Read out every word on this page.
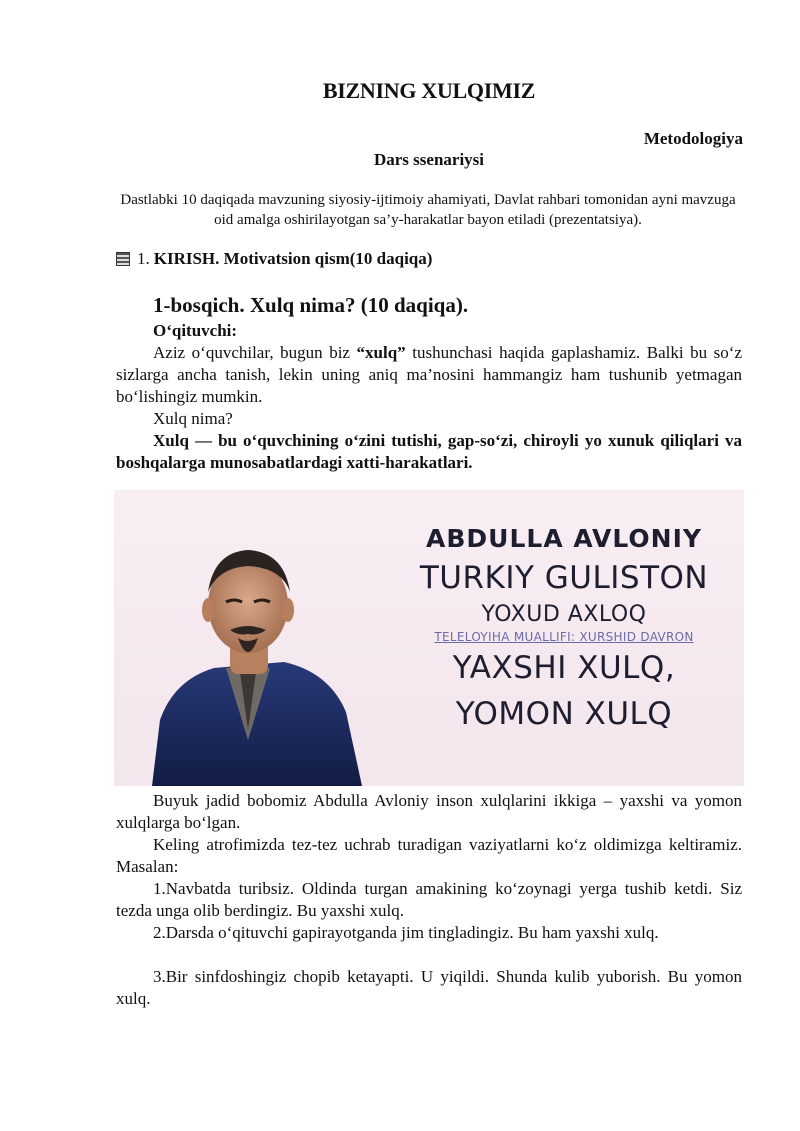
BIZNING XULQIMIZ
Metodologiya
Dars ssenariysi
Dastlabki 10 daqiqada mavzuning siyosiy-ijtimoiy ahamiyati, Davlat rahbari tomonidan ayni mavzuga oid amalga oshirilayotgan sa’y-harakatlar bayon etiladi (prezentatsiya).
1. KIRISH. Motivatsion qism(10 daqiqa)
1-bosqich. Xulq nima? (10 daqiqa).

O‘qituvchi:

Aziz o‘quvchilar, bugun biz “xulq” tushunchasi haqida gaplashamiz. Balki bu so‘z sizlarga ancha tanish, lekin uning aniq ma’nosini hammangiz ham tushunib yetmagan bo‘lishingiz mumkin.

Xulq nima?

Xulq — bu o‘quvchining o‘zini tutishi, gap-so‘zi, chiroyli yo xunuk qiliqlari va boshqalarga munosabatlardagi xatti-harakatlari.

ABDULLA AVLONIY
TURKIY GULISTON
YOXUD AXLOQ
TELELOYIHA MUALLIFI: XURSHID DAVRON
YAXSHI XULQ,
YOMON XULQ

Buyuk jadid bobomiz Abdulla Avloniy inson xulqlarini ikkiga – yaxshi va yomon xulqlarga bo‘lgan.

Keling atrofimizda tez-tez uchrab turadigan vaziyatlarni ko‘z oldimizga keltiramiz. Masalan:

1.Navbatda turibsiz. Oldinda turgan amakining ko‘zoynagi yerga tushib ketdi. Siz tezda unga olib berdingiz. Bu yaxshi xulq.

2.Darsda o‘qituvchi gapirayotganda jim tingladingiz. Bu ham yaxshi xulq.

3.Bir sinfdoshingiz chopib ketayapti. U yiqildi. Shunda kulib yuborish. Bu yomon xulq.
